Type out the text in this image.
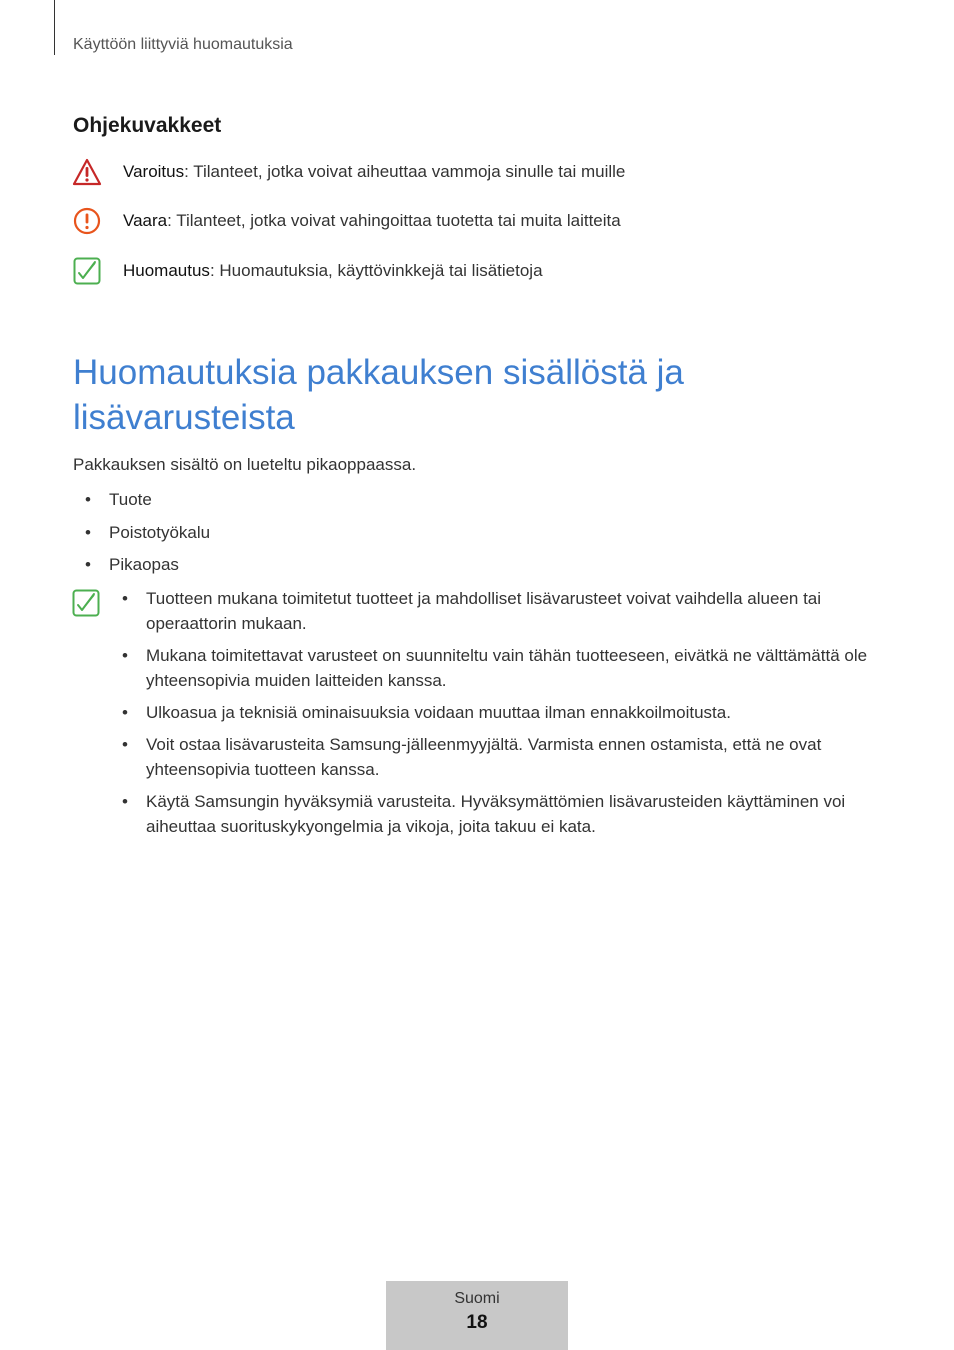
Käyttöön liittyviä huomautuksia
Ohjekuvakkeet
Varoitus: Tilanteet, jotka voivat aiheuttaa vammoja sinulle tai muille
Vaara: Tilanteet, jotka voivat vahingoittaa tuotetta tai muita laitteita
Huomautus: Huomautuksia, käyttövinkkejä tai lisätietoja
Huomautuksia pakkauksen sisällöstä ja lisävarusteista
Pakkauksen sisältö on lueteltu pikaoppaassa.
• Tuote
• Poistotyökalu
• Pikaopas
• Tuotteen mukana toimitetut tuotteet ja mahdolliset lisävarusteet voivat vaihdella alueen tai operaattorin mukaan.
• Mukana toimitettavat varusteet on suunniteltu vain tähän tuotteeseen, eivätkä ne välttämättä ole yhteensopivia muiden laitteiden kanssa.
• Ulkoasua ja teknisiä ominaisuuksia voidaan muuttaa ilman ennakkoilmoitusta.
• Voit ostaa lisävarusteita Samsung-jälleenmyyjältä. Varmista ennen ostamista, että ne ovat yhteensopivia tuotteen kanssa.
• Käytä Samsungin hyväksymiä varusteita. Hyväksymättömien lisävarusteiden käyttäminen voi aiheuttaa suorituskykyongelmia ja vikoja, joita takuu ei kata.
Suomi
18
